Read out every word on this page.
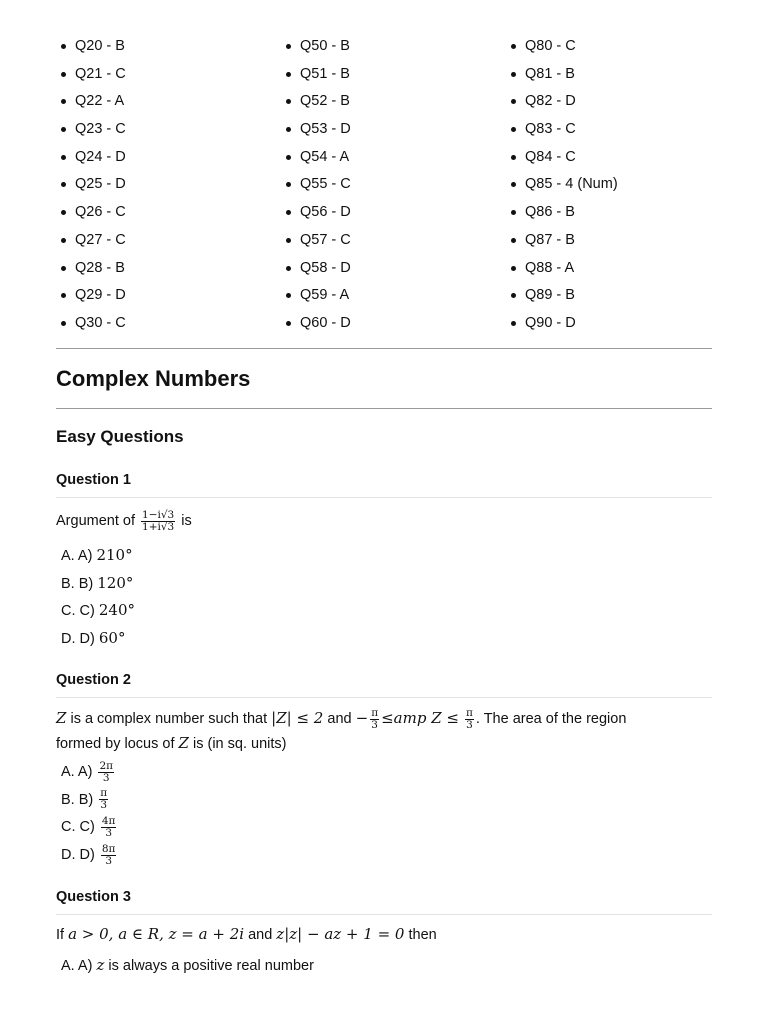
Q20 - B
Q21 - C
Q22 - A
Q23 - C
Q24 - D
Q25 - D
Q26 - C
Q27 - C
Q28 - B
Q29 - D
Q30 - C
Q50 - B
Q51 - B
Q52 - B
Q53 - D
Q54 - A
Q55 - C
Q56 - D
Q57 - C
Q58 - D
Q59 - A
Q60 - D
Q80 - C
Q81 - B
Q82 - D
Q83 - C
Q84 - C
Q85 - 4 (Num)
Q86 - B
Q87 - B
Q88 - A
Q89 - B
Q90 - D
Complex Numbers
Easy Questions
Question 1
Argument of $\frac{1-i√3}{1+i√3}$ is
A. A) 210°
B. B) 120°
C. C) 240°
D. D) 60°
Question 2
Z is a complex number such that |Z| ≤ 2 and − $\frac{\pi}{3} \le amp$ $Z \le \frac{\pi}{3}$ . The area of the region
formed by locus of Z is (in sq. units)
A. $A) \frac{2\pi}{3}$
B. $B) \frac{\pi}{3}$
C. $C) \frac{4\pi}{3}$
D. $D) \frac{8\pi}{3}$
Question 3
If a > 0, a ∈ R, z = a + 2i and z|z| − az + 1 = 0 then
A. A) z is always a positive real number
